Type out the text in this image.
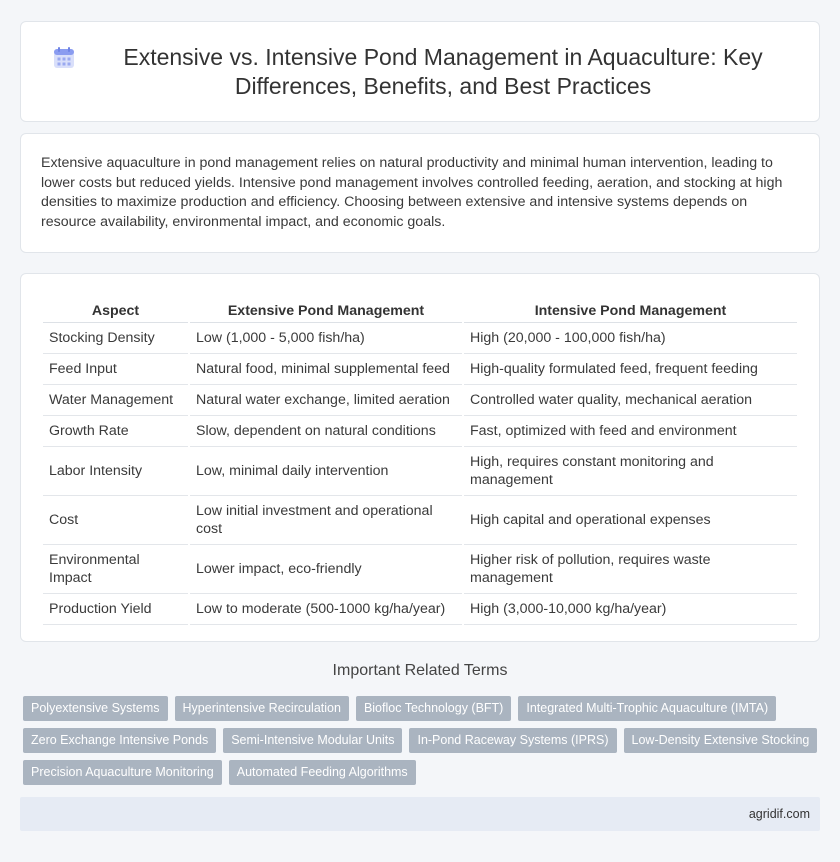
Extensive vs. Intensive Pond Management in Aquaculture: Key Differences, Benefits, and Best Practices

Extensive aquaculture in pond management relies on natural productivity and minimal human intervention, leading to lower costs but reduced yields. Intensive pond management involves controlled feeding, aeration, and stocking at high densities to maximize production and efficiency. Choosing between extensive and intensive systems depends on resource availability, environmental impact, and economic goals.

Aspect	Extensive Pond Management	Intensive Pond Management
Stocking Density	Low (1,000 - 5,000 fish/ha)	High (20,000 - 100,000 fish/ha)
Feed Input	Natural food, minimal supplemental feed	High-quality formulated feed, frequent feeding
Water Management	Natural water exchange, limited aeration	Controlled water quality, mechanical aeration
Growth Rate	Slow, dependent on natural conditions	Fast, optimized with feed and environment
Labor Intensity	Low, minimal daily intervention	High, requires constant monitoring and management
Cost	Low initial investment and operational cost	High capital and operational expenses
Environmental Impact	Lower impact, eco-friendly	Higher risk of pollution, requires waste management
Production Yield	Low to moderate (500-1000 kg/ha/year)	High (3,000-10,000 kg/ha/year)
Important Related Terms
Polyextensive Systems	Hyperintensive Recirculation	Biofloc Technology (BFT)	Integrated Multi-Trophic Aquaculture (IMTA)
Zero Exchange Intensive Ponds	Semi-Intensive Modular Units	In-Pond Raceway Systems (IPRS)	Low-Density Extensive Stocking
Precision Aquaculture Monitoring	Automated Feeding Algorithms
agridif.com
